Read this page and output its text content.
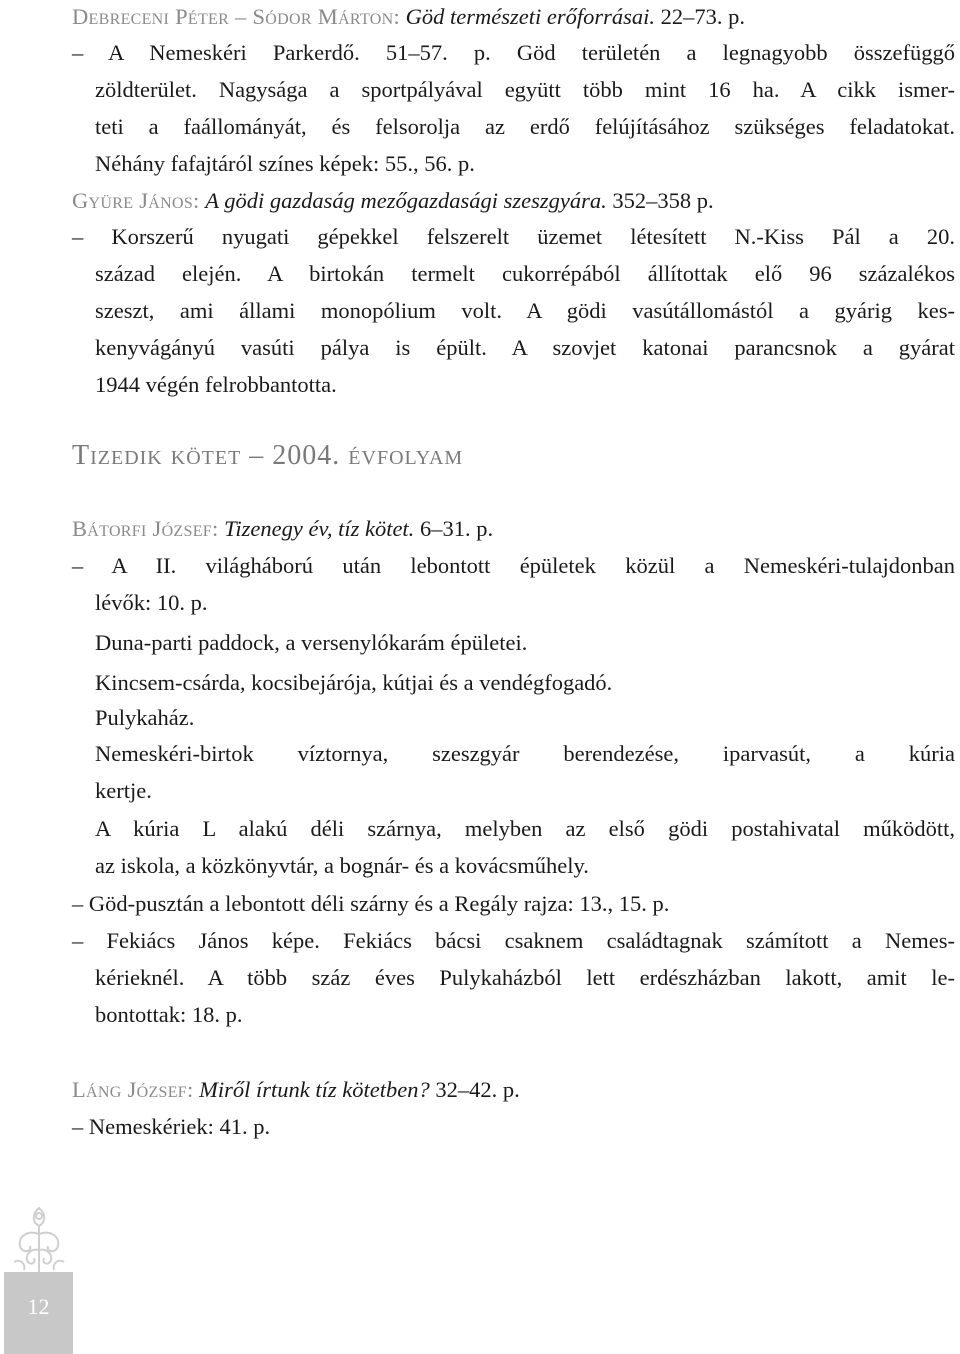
Debreceni Péter – Sódor Márton: Göd természeti erőforrásai. 22–73. p.
– A Nemeskéri Parkerdő. 51–57. p. Göd területén a legnagyobb összefüggő
zöldterület. Nagysága a sportpályával együtt több mint 16 ha. A cikk ismer-
teti a faállományát, és felsorolja az erdő felújításához szükséges feladatokat.
Néhány fafajtáról színes képek: 55., 56. p.
Gyüre János: A gödi gazdaság mezőgazdasági szeszgyára. 352–358 p.
– Korszerű nyugati gépekkel felszerelt üzemet létesített N.-Kiss Pál a 20.
század elején. A birtokán termelt cukorrépából állítottak elő 96 százalékos
szeszt, ami állami monopólium volt. A gödi vasútállomástól a gyárig kes-
kenyvágányú vasúti pálya is épült. A szovjet katonai parancsnok a gyárat
1944 végén felrobbantotta.
Tizedik kötet – 2004. évfolyam
Bátorfi József: Tizenegy év, tíz kötet. 6–31. p.
– A II. világháború után lebontott épületek közül a Nemeskéri-tulajdonban
lévők: 10. p.
Duna-parti paddock, a versenylókarám épületei.
Kincsem-csárda, kocsibejárója, kútjai és a vendégfogadó.
Pulykaház.
Nemeskéri-birtok víztornya, szeszgyár berendezése, iparvasút, a kúria
kertje.
A kúria L alakú déli szárnya, melyben az első gödi postahivatal működött,
az iskola, a közkönyvtár, a bognár- és a kovácsműhely.
– Göd-pusztán a lebontott déli szárny és a Regály rajza: 13., 15. p.
– Fekiács János képe. Fekiács bácsi csaknem családtagnak számított a Nemes-
kérieknél. A több száz éves Pulykaházból lett erdészházban lakott, amit le-
bontottak: 18. p.
Láng József: Miről írtunk tíz kötetben? 32–42. p.
– Nemeskériek: 41. p.
12
